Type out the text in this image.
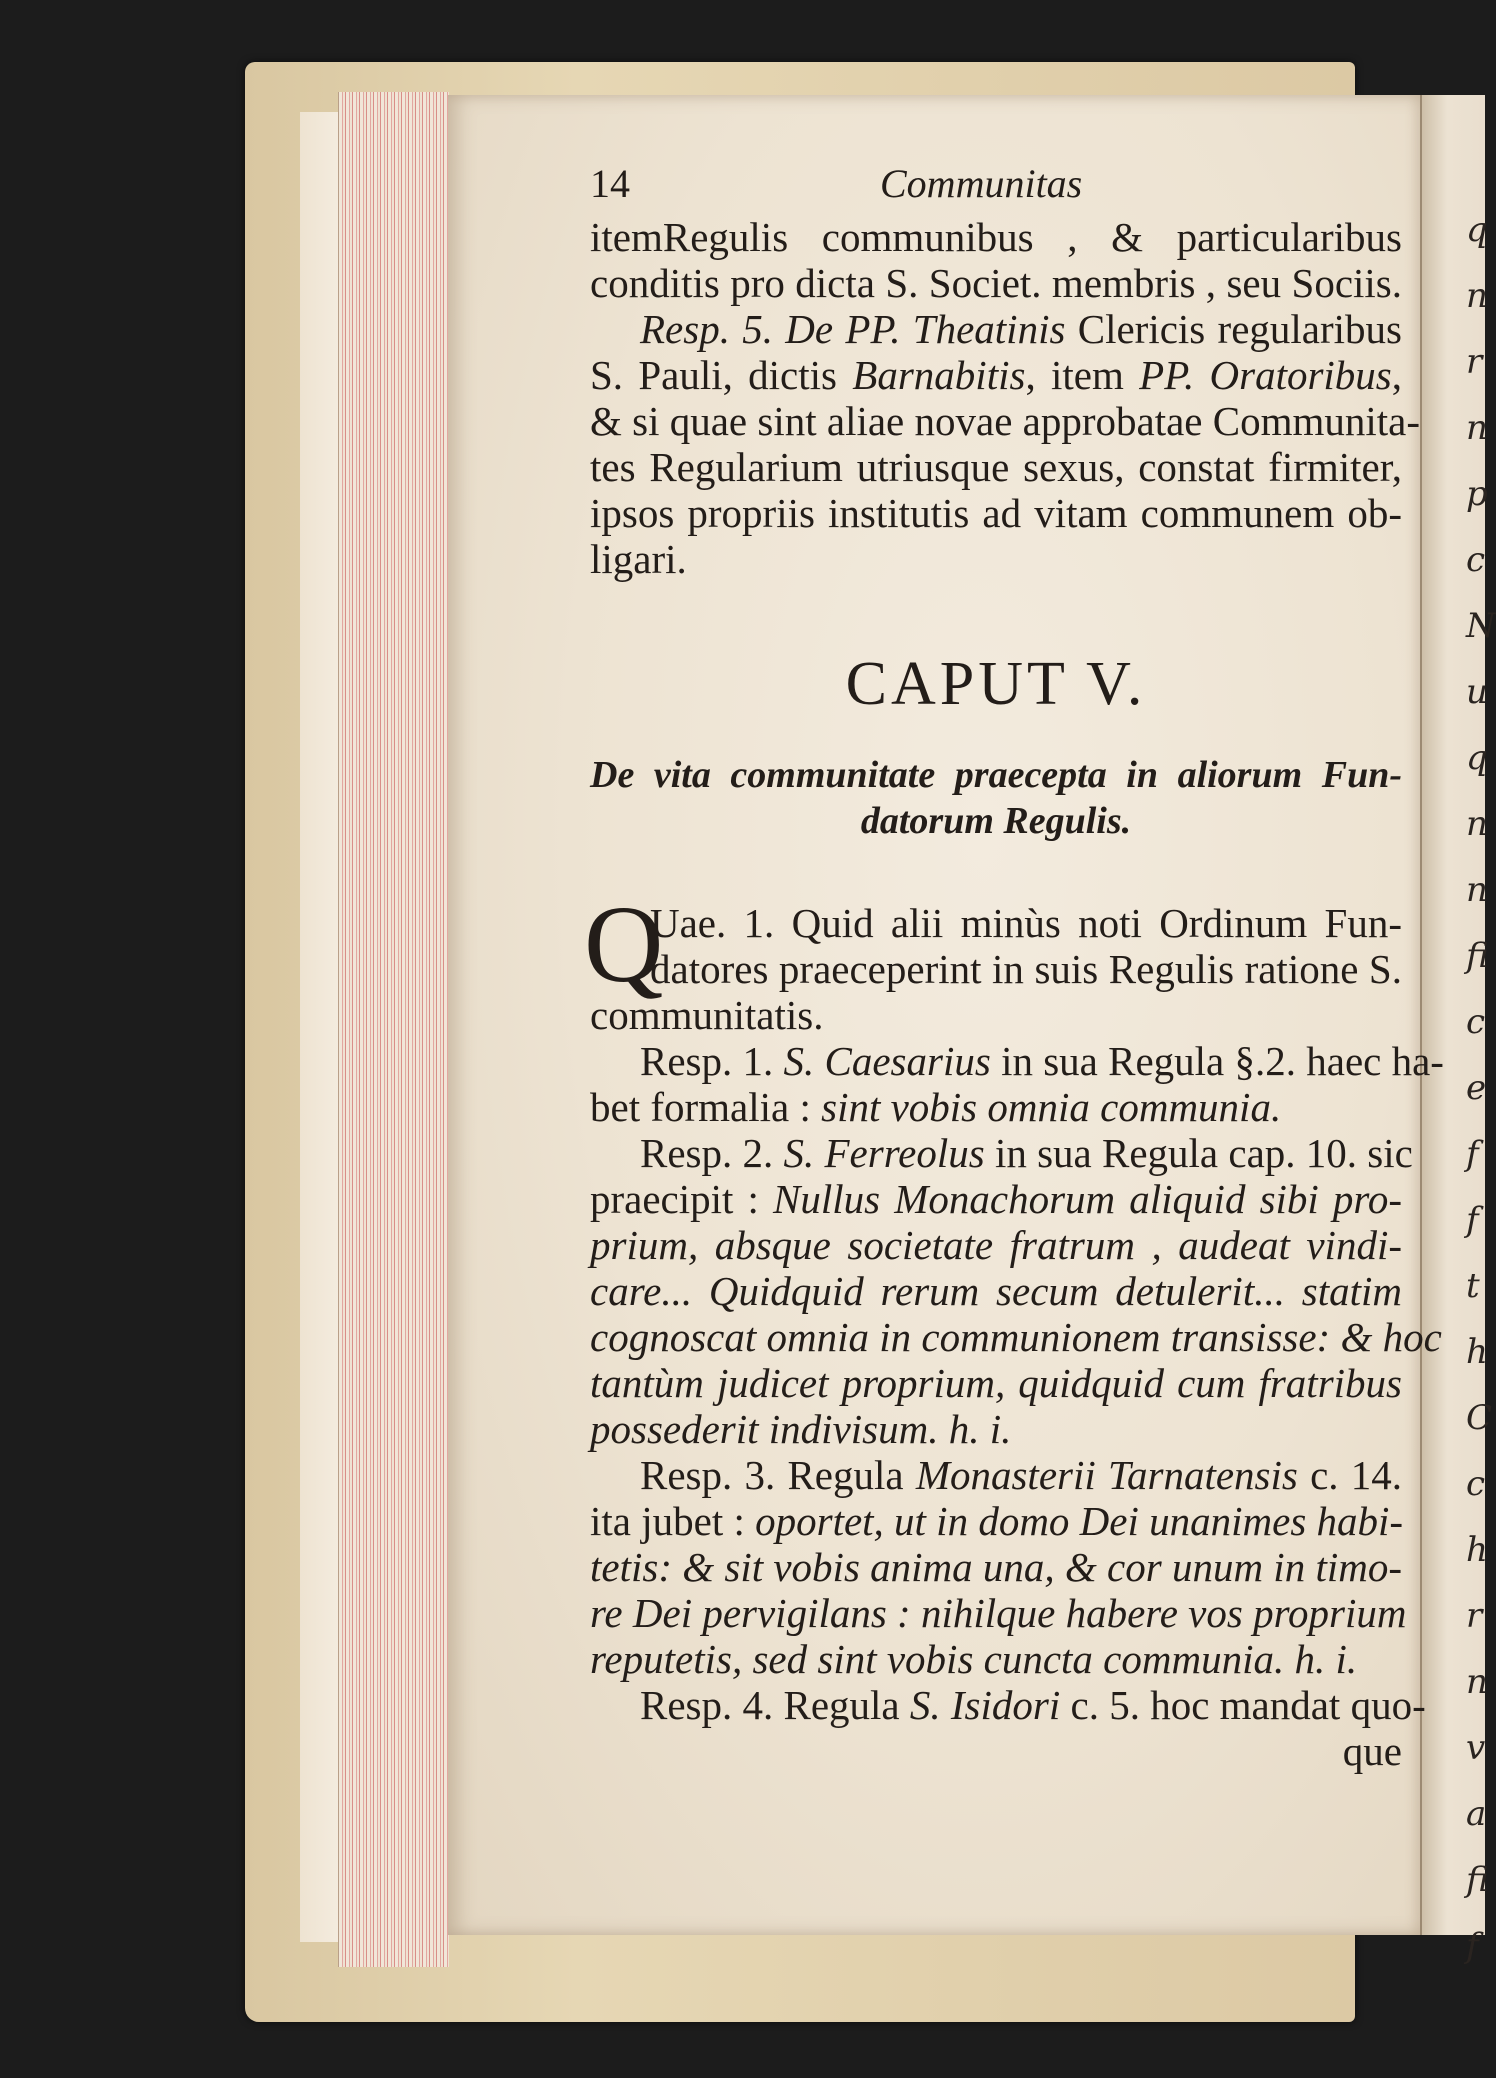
q
n
r
n
p
c
N
u
q
n
n
fi
c
e
f
f
t
h
C
c
h
r
n
v
a
fi
f
14	Communitas
itemRegulis communibus , & particularibus
conditis pro dicta S. Societ. membris , seu Sociis.
Resp. 5. De PP. Theatinis Clericis regularibus
S. Pauli, dictis Barnabitis, item PP. Oratoribus,
& si quae sint aliae novae approbatae Communita-
tes Regularium utriusque sexus, constat firmiter,
ipsos propriis institutis ad vitam communem ob-
ligari.
CAPUT V.
De vita communitate praecepta in aliorum Fun-
datorum Regulis.
Q
Uae. 1. Quid alii minùs noti Ordinum Fun-
datores praeceperint in suis Regulis ratione S.
communitatis.
Resp. 1. S. Caesarius in sua Regula §.2. haec ha-
bet formalia : sint vobis omnia communia.
Resp. 2. S. Ferreolus in sua Regula cap. 10. sic
praecipit : Nullus Monachorum aliquid sibi pro-
prium, absque societate fratrum , audeat vindi-
care... Quidquid rerum secum detulerit... statim
cognoscat omnia in communionem transisse: & hoc
tantùm judicet proprium, quidquid cum fratribus
possederit indivisum. h. i.
Resp. 3. Regula Monasterii Tarnatensis c. 14.
ita jubet : oportet, ut in domo Dei unanimes habi-
tetis: & sit vobis anima una, & cor unum in timo-
re Dei pervigilans : nihilque habere vos proprium
reputetis, sed sint vobis cuncta communia. h. i.
Resp. 4. Regula S. Isidori c. 5. hoc mandat quo-
que
